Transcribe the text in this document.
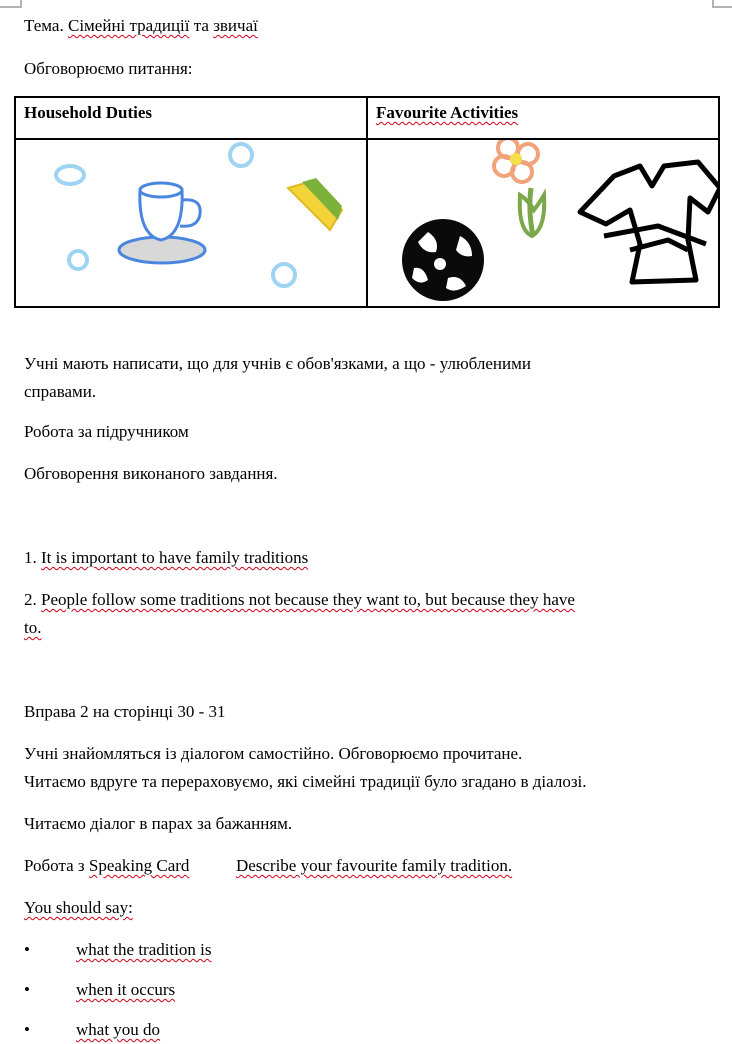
Тема. Сімейні традиції та звичаї
Обговорюємо питання:
Household Duties	Favourite Activities

Учні мають написати, що для учнів є обов'язками, а що - улюбленими
справами.
Робота за підручником
Обговорення виконаного завдання.
1. It is important to have family traditions
2. People follow some traditions not because they want to, but because they have
to.
Вправа 2 на сторінці 30 - 31
Учні знайомляться із діалогом самостійно. Обговорюємо прочитане.
Читаємо вдруге та перераховуємо, які сімейні традиції було згадано в діалозі.
Читаємо діалог в парах за бажанням.
Робота з Speaking Card	Describe your favourite family tradition.
You should say:
•	what the tradition is
•	when it occurs
•	what you do
